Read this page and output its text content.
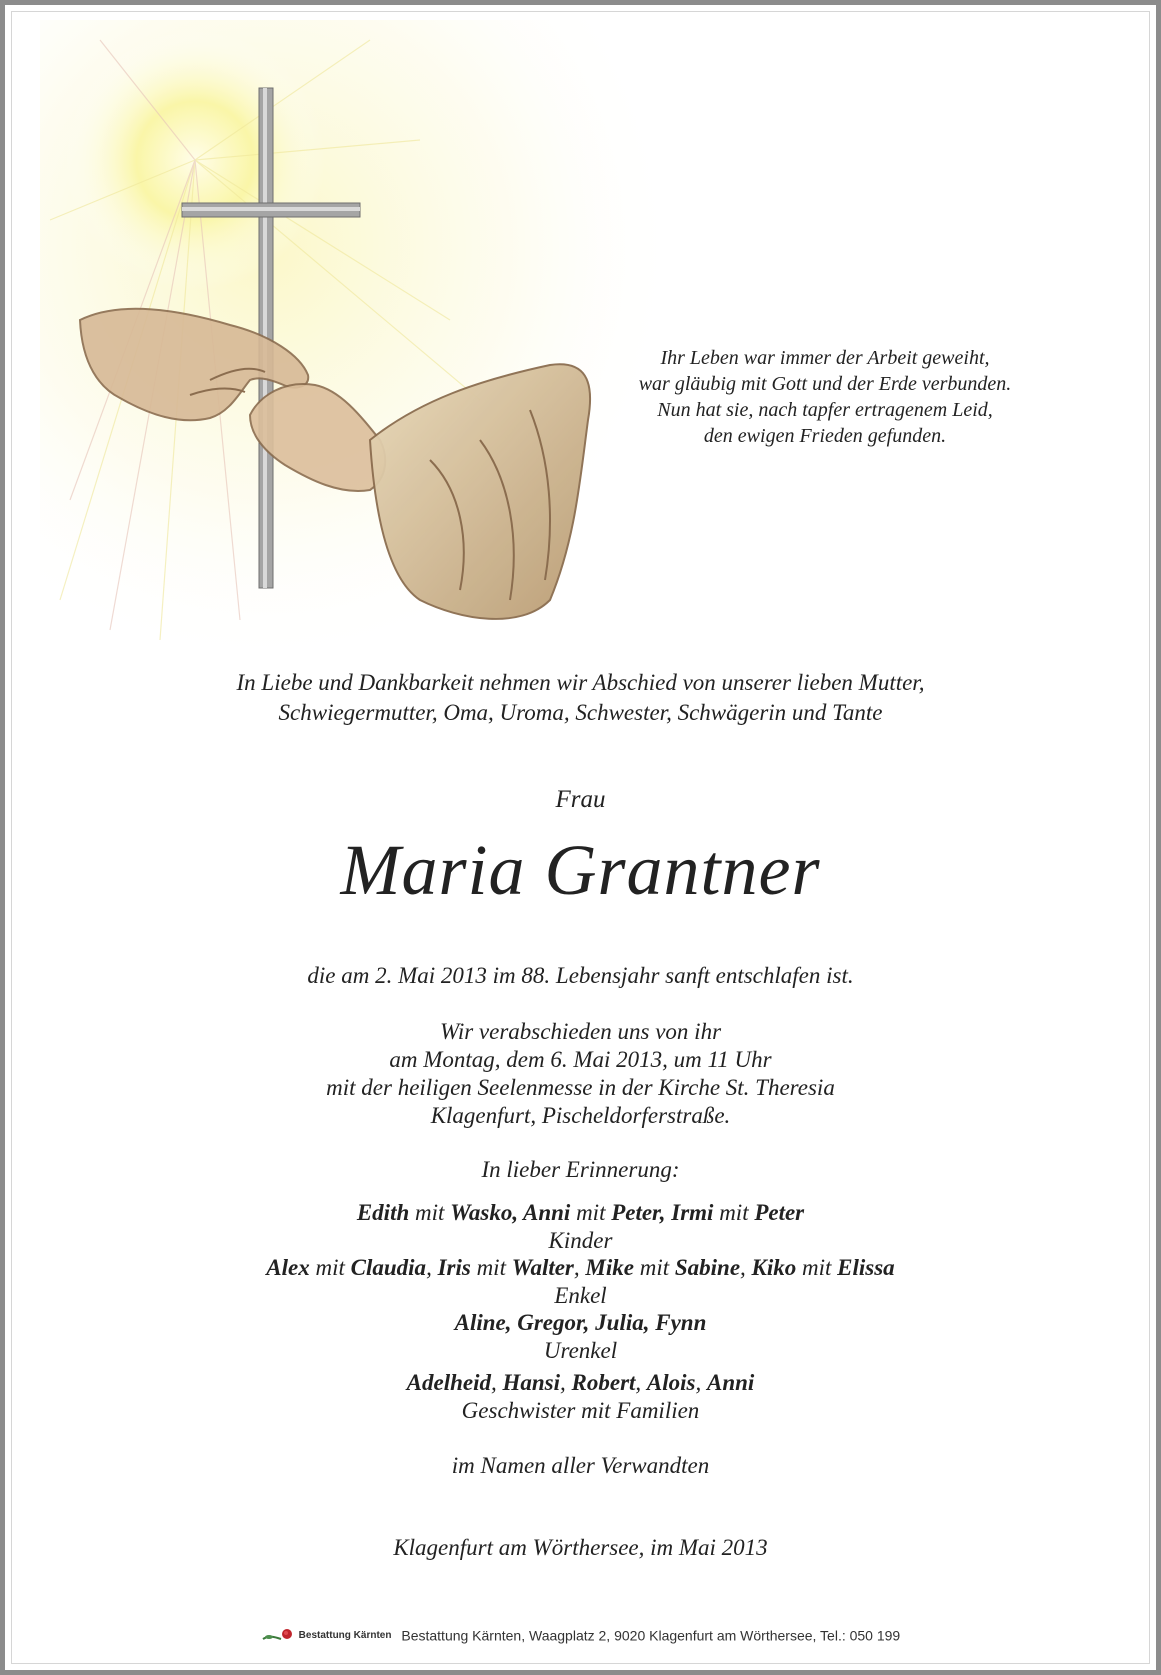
Ihr Leben war immer der Arbeit geweiht,
war gläubig mit Gott und der Erde verbunden.
Nun hat sie, nach tapfer ertragenem Leid,
den ewigen Frieden gefunden.
In Liebe und Dankbarkeit nehmen wir Abschied von unserer lieben Mutter,
Schwiegermutter, Oma, Uroma, Schwester, Schwägerin und Tante
Frau
Maria Grantner
die am 2. Mai 2013 im 88. Lebensjahr sanft entschlafen ist.
Wir verabschieden uns von ihr
am Montag, dem 6. Mai 2013, um 11 Uhr
mit der heiligen Seelenmesse in der Kirche St. Theresia
Klagenfurt, Pischeldorferstraße.
In lieber Erinnerung:
Edith mit Wasko, Anni mit Peter, Irmi mit Peter
Kinder
Alex mit Claudia, Iris mit Walter, Mike mit Sabine, Kiko mit Elissa
Enkel
Aline, Gregor, Julia, Fynn
Urenkel
Adelheid, Hansi, Robert, Alois, Anni
Geschwister mit Familien
im Namen aller Verwandten
Klagenfurt am Wörthersee, im Mai 2013
Bestattung Kärnten Bestattung Kärnten, Waagplatz 2, 9020 Klagenfurt am Wörthersee, Tel.: 050 199
